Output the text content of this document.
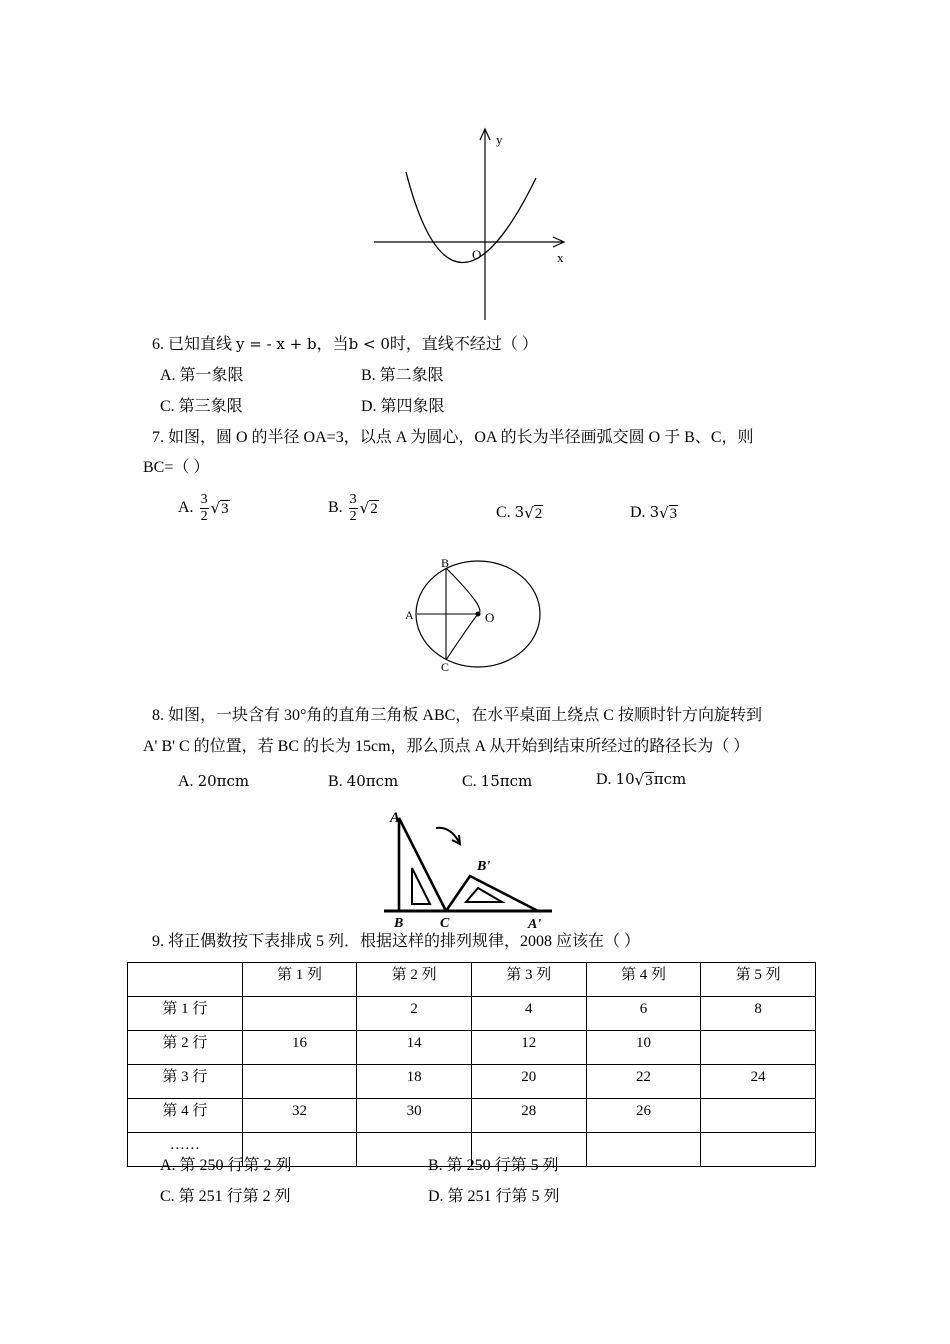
y
x
O
6. 已知直线 y = - x + b，当b < 0时，直线不经过（ ）
A. 第一象限	B. 第二象限
C. 第三象限	D. 第四象限
7. 如图，圆 O 的半径 OA=3，以点 A 为圆心，OA 的长为半径画弧交圆 O 于 B、C，则
BC=（ ）
A. $\frac{3}{2} √3$	B. $\frac{3}{2} √2$	C. 3√2	D. 3√3
B
A	O
C
8. 如图，一块含有 30°角的直角三角板 ABC，在水平桌面上绕点 C 按顺时针方向旋转到
A' B' C 的位置，若 BC 的长为 15cm，那么顶点 A 从开始到结束所经过的路径长为（ ）
A. 20πcm	B. 40πcm	C. 15πcm	D. 10√3πcm
A
B	C
B'
A'
9. 将正偶数按下表排成 5 列．根据这样的排列规律，2008 应该在（ ）
	第 1 列	第 2 列	第 3 列	第 4 列	第 5 列
第 1 行		2	4	6	8
第 2 行	16	14	12	10	
第 3 行		18	20	22	24
第 4 行	32	30	28	26	
……					
A. 第 250 行第 2 列	B. 第 250 行第 5 列
C. 第 251 行第 2 列	D. 第 251 行第 5 列
